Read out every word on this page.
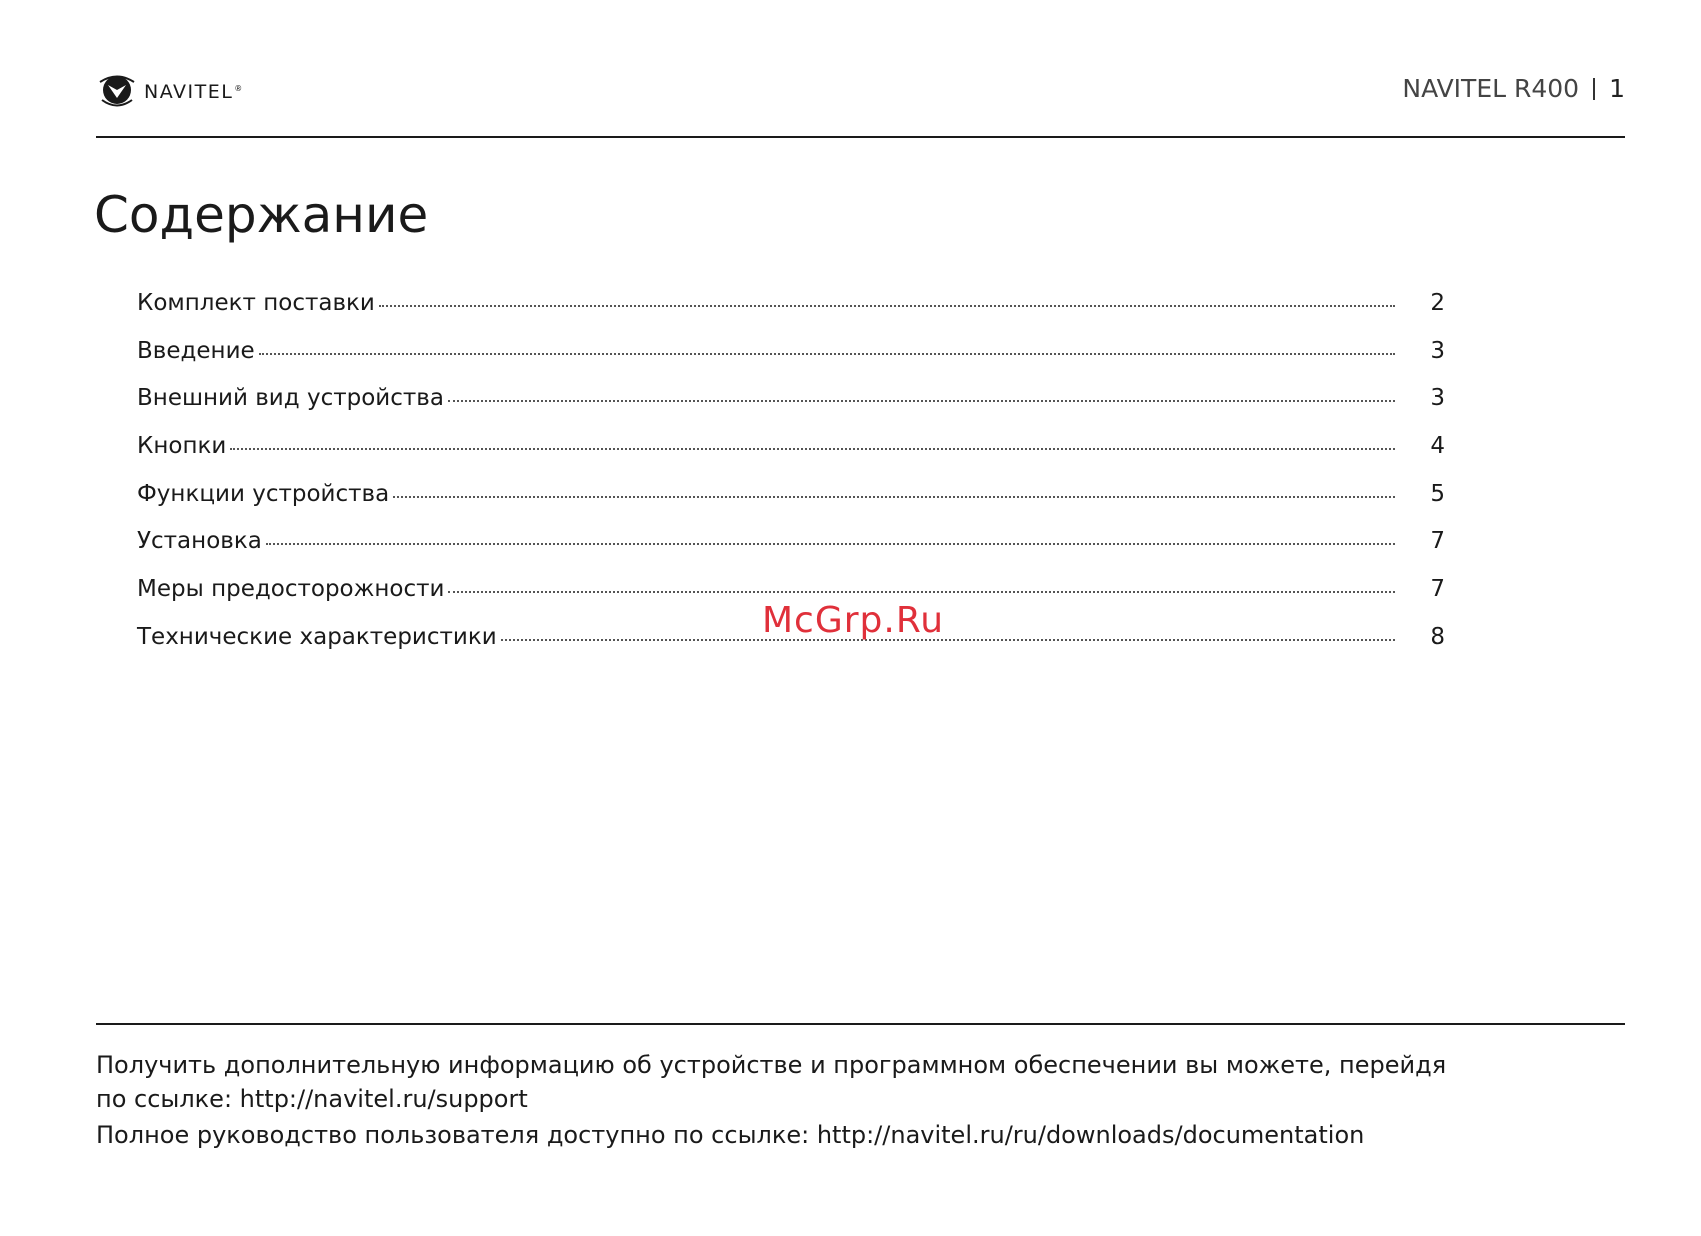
NAVITEL®	NAVITEL R400 1
Содержание
Комплект поставки	2
Введение	3
Внешний вид устройства	3
Кнопки	4
Функции устройства	5
Установка	7
Меры предосторожности	7
Технические характеристики	8
McGrp.Ru

Получить дополнительную информацию об устройстве и программном обеспечении вы можете, перейдя

по ссылке: http://navitel.ru/support

Полное руководство пользователя доступно по ссылке: http://navitel.ru/ru/downloads/documentation
